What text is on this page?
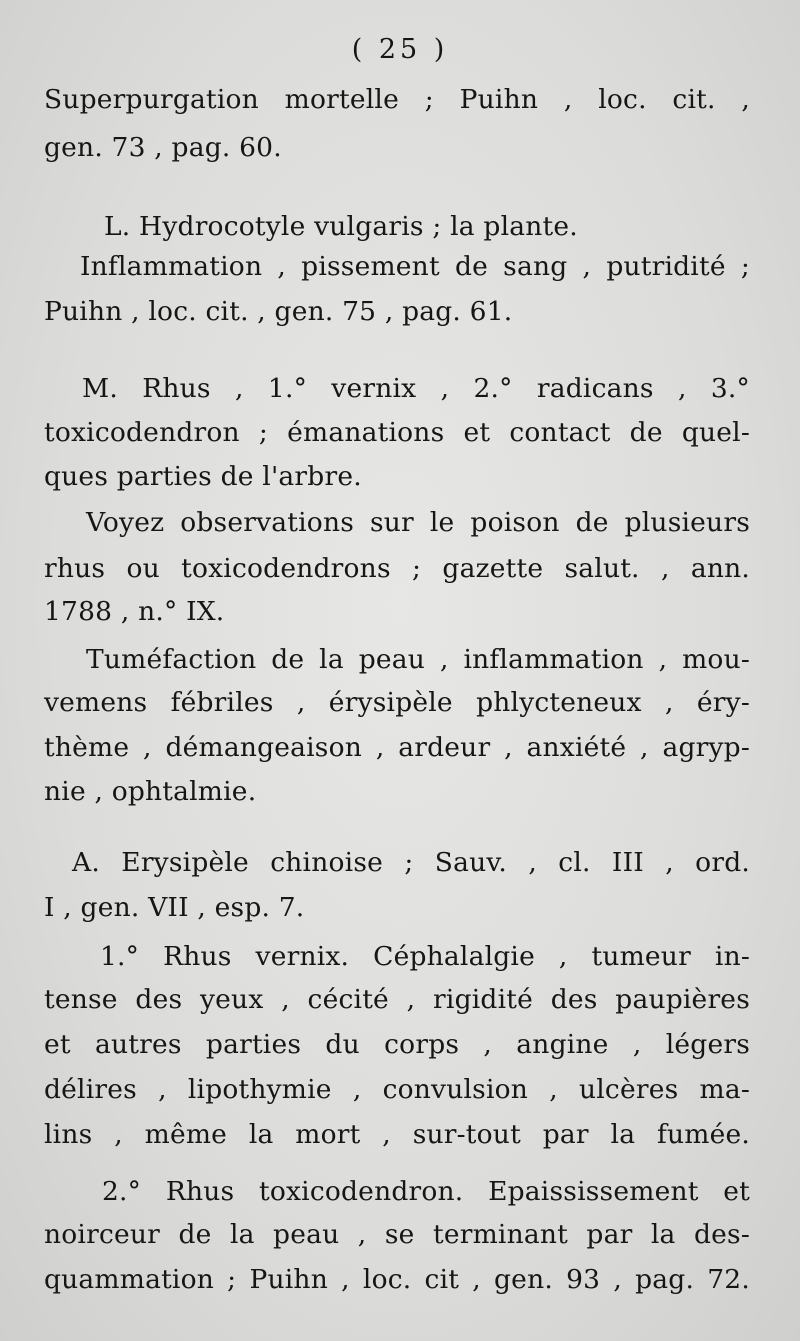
( 25 )
Superpurgation mortelle ; Puihn , loc. cit. ,
gen. 73 , pag. 60.
L. Hydrocotyle vulgaris ; la plante.
Inflammation , pissement de sang , putridité ;
Puihn , loc. cit. , gen. 75 , pag. 61.
M. Rhus , 1.° vernix , 2.° radicans , 3.°
toxicodendron ; émanations et contact de quel-
ques parties de l'arbre.
Voyez observations sur le poison de plusieurs
rhus ou toxicodendrons ; gazette salut. , ann.
1788 , n.° IX.
Tuméfaction de la peau , inflammation , mou-
vemens fébriles , érysipèle phlycteneux , éry-
thème , démangeaison , ardeur , anxiété , agryp-
nie , ophtalmie.
A. Erysipèle chinoise ; Sauv. , cl. III , ord.
I , gen. VII , esp. 7.
1.° Rhus vernix. Céphalalgie , tumeur in-
tense des yeux , cécité , rigidité des paupières
et autres parties du corps , angine , légers
délires , lipothymie , convulsion , ulcères ma-
lins , même la mort , sur-tout par la fumée.
2.° Rhus toxicodendron. Epaississement et
noirceur de la peau , se terminant par la des-
quammation ; Puihn , loc. cit , gen. 93 , pag. 72.
